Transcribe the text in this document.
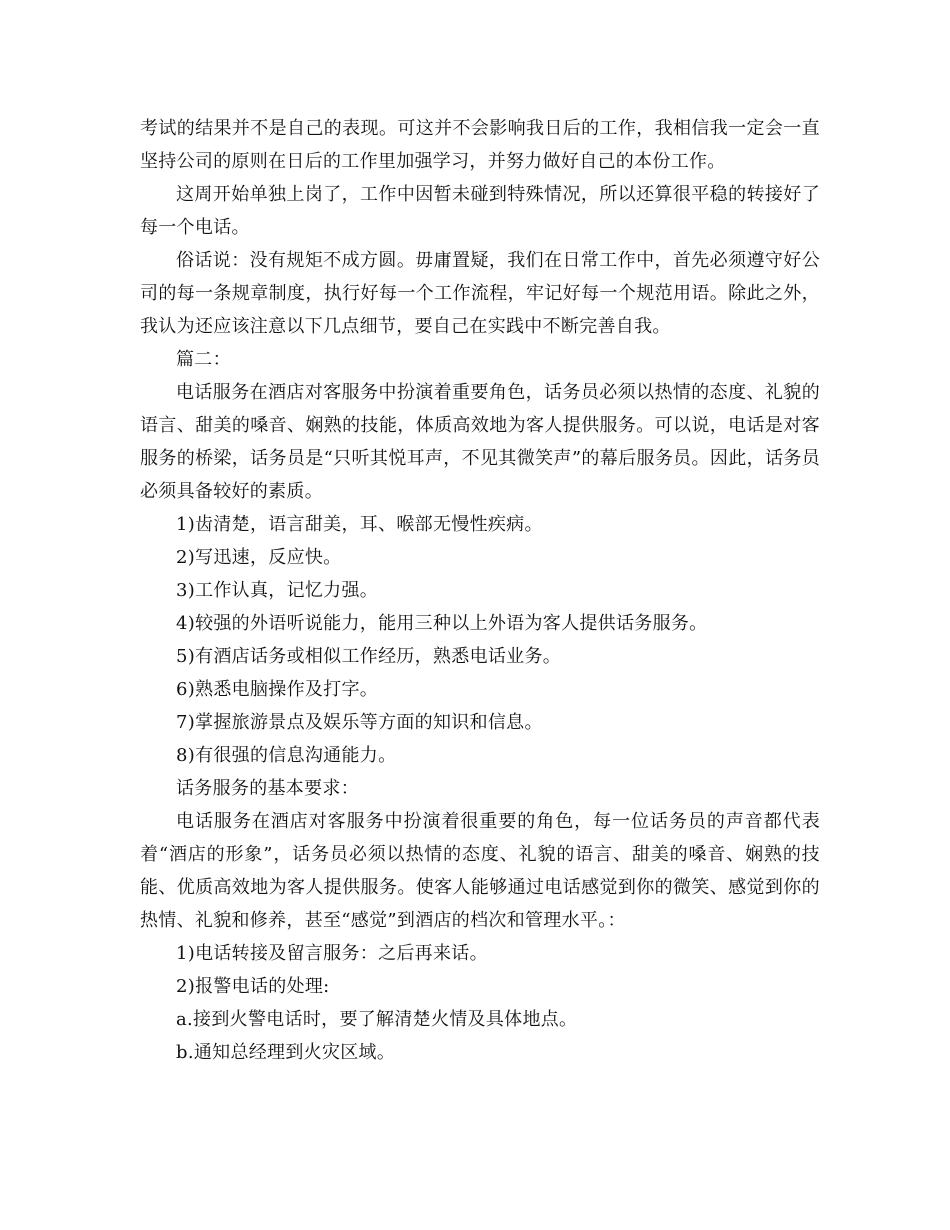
考试的结果并不是自己的表现。可这并不会影响我日后的工作，我相信我一定会一直坚持公司的原则在日后的工作里加强学习，并努力做好自己的本份工作。

这周开始单独上岗了，工作中因暂未碰到特殊情况，所以还算很平稳的转接好了每一个电话。

俗话说：没有规矩不成方圆。毋庸置疑，我们在日常工作中，首先必须遵守好公司的每一条规章制度，执行好每一个工作流程，牢记好每一个规范用语。除此之外，我认为还应该注意以下几点细节，要自己在实践中不断完善自我。

篇二：

电话服务在酒店对客服务中扮演着重要角色，话务员必须以热情的态度、礼貌的语言、甜美的嗓音、娴熟的技能，体质高效地为客人提供服务。可以说，电话是对客服务的桥梁，话务员是“只听其悦耳声，不见其微笑声”的幕后服务员。因此，话务员必须具备较好的素质。

1)齿清楚，语言甜美，耳、喉部无慢性疾病。

2)写迅速，反应快。

3)工作认真，记忆力强。

4)较强的外语听说能力，能用三种以上外语为客人提供话务服务。

5)有酒店话务或相似工作经历，熟悉电话业务。

6)熟悉电脑操作及打字。

7)掌握旅游景点及娱乐等方面的知识和信息。

8)有很强的信息沟通能力。

话务服务的基本要求：

电话服务在酒店对客服务中扮演着很重要的角色，每一位话务员的声音都代表着“酒店的形象”，话务员必须以热情的态度、礼貌的语言、甜美的嗓音、娴熟的技能、优质高效地为客人提供服务。使客人能够通过电话感觉到你的微笑、感觉到你的热情、礼貌和修养，甚至“感觉”到酒店的档次和管理水平。：

1)电话转接及留言服务：之后再来话。

2)报警电话的处理:

a.接到火警电话时，要了解清楚火情及具体地点。

b.通知总经理到火灾区域。
